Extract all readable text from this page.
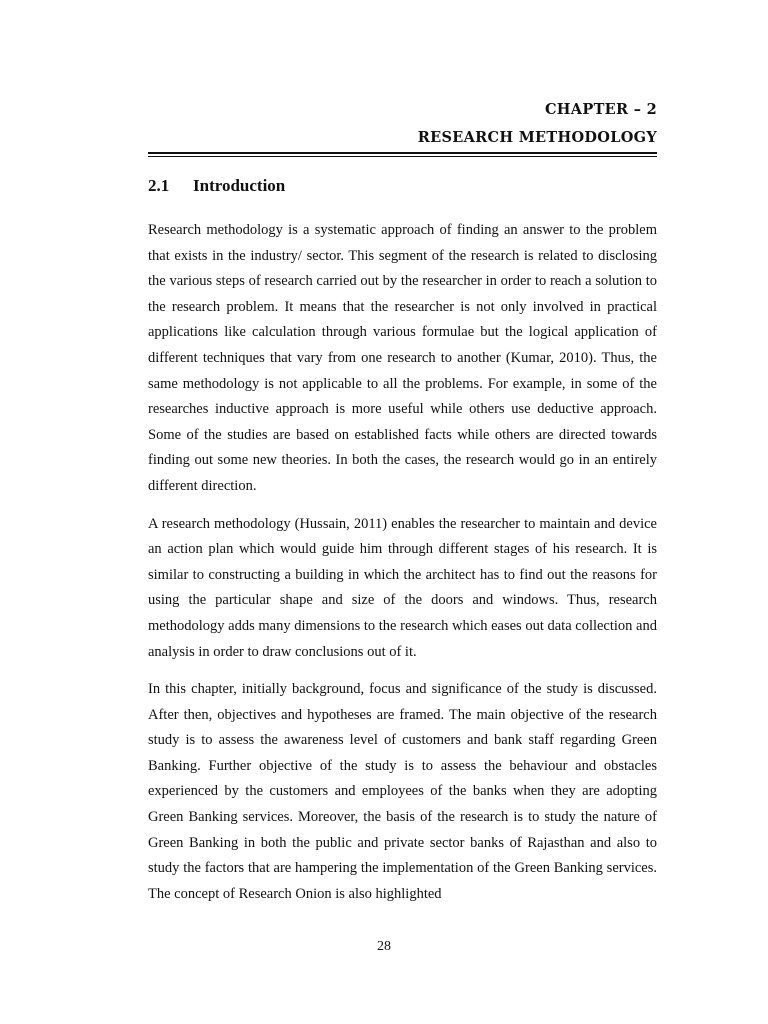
CHAPTER – 2

RESEARCH METHODOLOGY

2.1 Introduction

Research methodology is a systematic approach of finding an answer to the problem that exists in the industry/ sector. This segment of the research is related to disclosing the various steps of research carried out by the researcher in order to reach a solution to the research problem. It means that the researcher is not only involved in practical applications like calculation through various formulae but the logical application of different techniques that vary from one research to another (Kumar, 2010). Thus, the same methodology is not applicable to all the problems. For example, in some of the researches inductive approach is more useful while others use deductive approach. Some of the studies are based on established facts while others are directed towards finding out some new theories. In both the cases, the research would go in an entirely different direction.

A research methodology (Hussain, 2011) enables the researcher to maintain and device an action plan which would guide him through different stages of his research. It is similar to constructing a building in which the architect has to find out the reasons for using the particular shape and size of the doors and windows. Thus, research methodology adds many dimensions to the research which eases out data collection and analysis in order to draw conclusions out of it.

In this chapter, initially background, focus and significance of the study is discussed. After then, objectives and hypotheses are framed. The main objective of the research study is to assess the awareness level of customers and bank staff regarding Green Banking. Further objective of the study is to assess the behaviour and obstacles experienced by the customers and employees of the banks when they are adopting Green Banking services. Moreover, the basis of the research is to study the nature of Green Banking in both the public and private sector banks of Rajasthan and also to study the factors that are hampering the implementation of the Green Banking services. The concept of Research Onion is also highlighted

28
